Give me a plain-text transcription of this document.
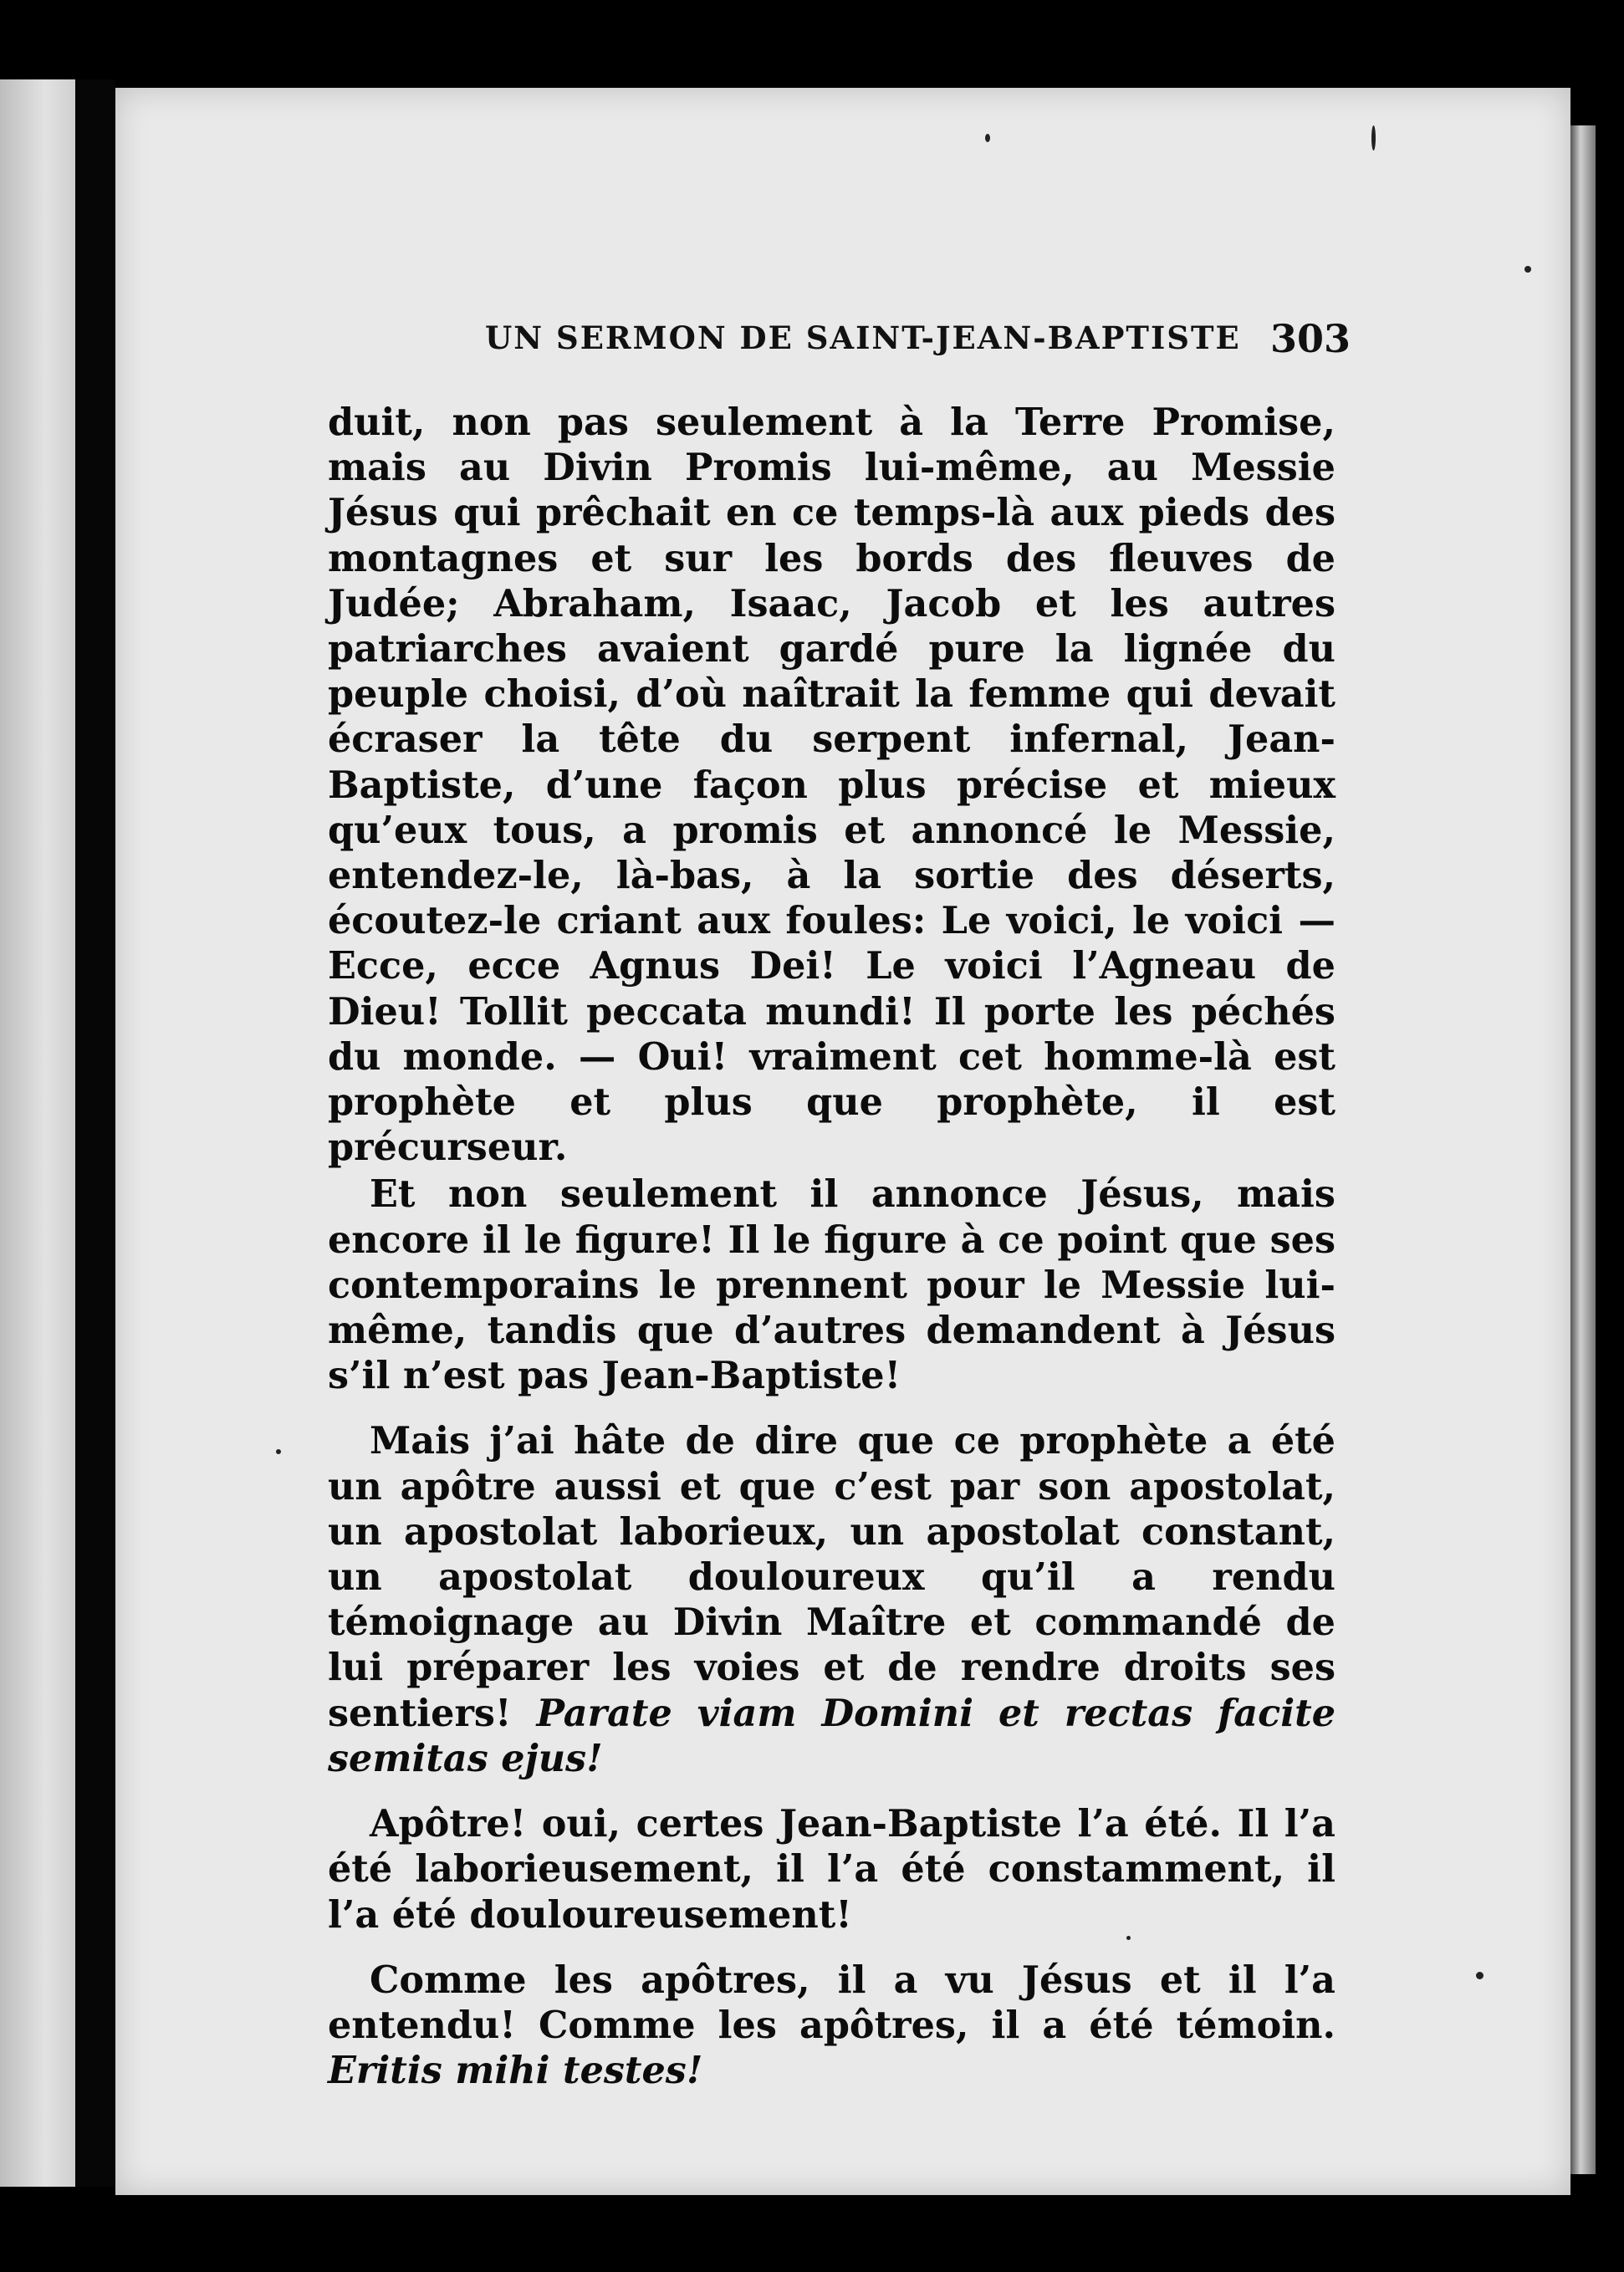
UN SERMON DE SAINT-JEAN-BAPTISTE 303

duit, non pas seulement à la Terre Promise, mais au Divin Promis lui-même, au Messie Jésus qui prêchait en ce temps-là aux pieds des montagnes et sur les bords des fleuves de Judée; Abraham, Isaac, Jacob et les autres patriarches avaient gardé pure la lignée du peuple choisi, d’où naîtrait la femme qui devait écraser la tête du serpent infernal, Jean-Baptiste, d’une façon plus précise et mieux qu’eux tous, a promis et annoncé le Messie, entendez-le, là-bas, à la sortie des déserts, écoutez-le criant aux foules: Le voici, le voici — Ecce, ecce Agnus Dei! Le voici l’Agneau de Dieu! Tollit peccata mundi! Il porte les péchés du monde. — Oui! vraiment cet homme-là est prophète et plus que prophète, il est précurseur.

Et non seulement il annonce Jésus, mais encore il le figure! Il le figure à ce point que ses contemporains le prennent pour le Messie lui-même, tandis que d’autres demandent à Jésus s’il n’est pas Jean-Baptiste!

Mais j’ai hâte de dire que ce prophète a été un apôtre aussi et que c’est par son apostolat, un apostolat laborieux, un apostolat constant, un apostolat douloureux qu’il a rendu témoignage au Divin Maître et commandé de lui préparer les voies et de rendre droits ses sentiers! Parate viam Domini et rectas facite semitas ejus!

Apôtre! oui, certes Jean-Baptiste l’a été. Il l’a été laborieusement, il l’a été constamment, il l’a été douloureusement!

Comme les apôtres, il a vu Jésus et il l’a entendu! Comme les apôtres, il a été témoin. Eritis mihi testes!
